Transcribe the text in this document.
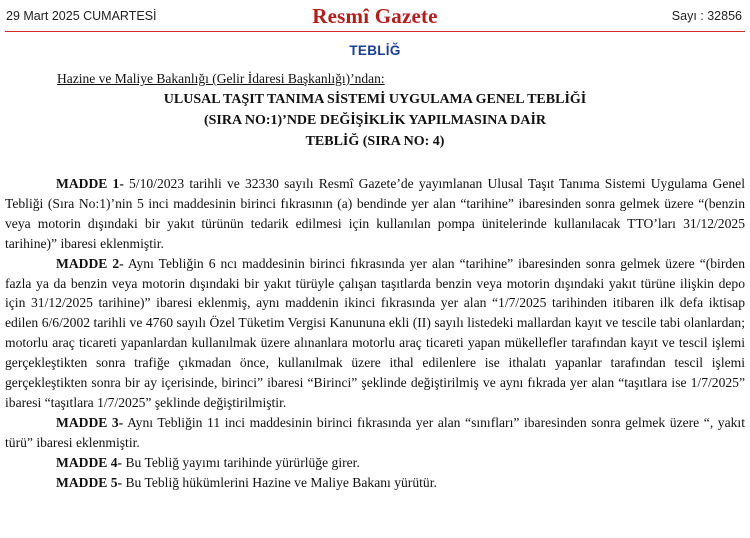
29 Mart 2025 CUMARTESİ	Resmî Gazete	Sayı : 32856
TEBLİĞ
Hazine ve Maliye Bakanlığı (Gelir İdaresi Başkanlığı)’ndan:
ULUSAL TAŞIT TANIMA SİSTEMİ UYGULAMA GENEL TEBLİĞİ
(SIRA NO:1)’NDE DEĞİŞİKLİK YAPILMASINA DAİR
TEBLİĞ (SIRA NO: 4)

MADDE 1- 5/10/2023 tarihli ve 32330 sayılı Resmî Gazete’de yayımlanan Ulusal Taşıt Tanıma Sistemi Uygulama Genel Tebliği (Sıra No:1)’nin 5 inci maddesinin birinci fıkrasının (a) bendinde yer alan “tarihine” ibaresinden sonra gelmek üzere “(benzin veya motorin dışındaki bir yakıt türünün tedarik edilmesi için kullanılan pompa ünitelerinde kullanılacak TTO’ları 31/12/2025 tarihine)” ibaresi eklenmiştir.

MADDE 2- Aynı Tebliğin 6 ncı maddesinin birinci fıkrasında yer alan “tarihine” ibaresinden sonra gelmek üzere “(birden fazla ya da benzin veya motorin dışındaki bir yakıt türüyle çalışan taşıtlarda benzin veya motorin dışındaki yakıt türüne ilişkin depo için 31/12/2025 tarihine)” ibaresi eklenmiş, aynı maddenin ikinci fıkrasında yer alan “1/7/2025 tarihinden itibaren ilk defa iktisap edilen 6/6/2002 tarihli ve 4760 sayılı Özel Tüketim Vergisi Kanununa ekli (II) sayılı listedeki mallardan kayıt ve tescile tabi olanlardan; motorlu araç ticareti yapanlardan kullanılmak üzere alınanlara motorlu araç ticareti yapan mükellefler tarafından kayıt ve tescil işlemi gerçekleştikten sonra trafiğe çıkmadan önce, kullanılmak üzere ithal edilenlere ise ithalatı yapanlar tarafından tescil işlemi gerçekleştikten sonra bir ay içerisinde, birinci” ibaresi “Birinci” şeklinde değiştirilmiş ve aynı fıkrada yer alan “taşıtlara ise 1/7/2025” ibaresi “taşıtlara 1/7/2025” şeklinde değiştirilmiştir.

MADDE 3- Aynı Tebliğin 11 inci maddesinin birinci fıkrasında yer alan “sınıfları” ibaresinden sonra gelmek üzere “, yakıt türü” ibaresi eklenmiştir.

MADDE 4- Bu Tebliğ yayımı tarihinde yürürlüğe girer.

MADDE 5- Bu Tebliğ hükümlerini Hazine ve Maliye Bakanı yürütür.
